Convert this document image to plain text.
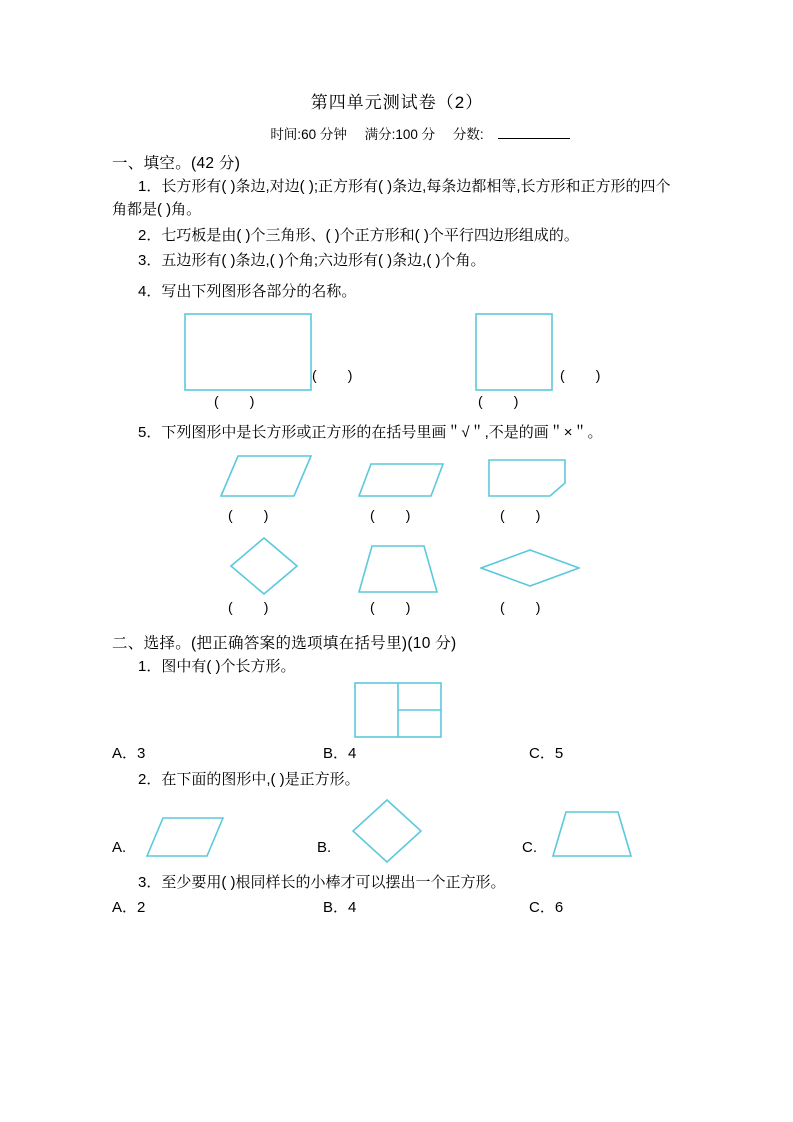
第四单元测试卷（2）
时间:60 分钟 满分:100 分 分数:
一、填空。(42 分)
1．长方形有( )条边,对边( );正方形有( )条边,每条边都相等,长方形和正方形的四个角都是( )角。
2．七巧板是由( )个三角形、( )个正方形和( )个平行四边形组成的。
3．五边形有( )条边,( )个角;六边形有( )条边,( )个角。
4．写出下列图形各部分的名称。
(        )
(        )
(        )
(        )
5．下列图形中是长方形或正方形的在括号里画＂√＂,不是的画＂×＂。
(        )	(        )	(        )
(        )	(        )	(        )
二、选择。(把正确答案的选项填在括号里)(10 分)
1．图中有( )个长方形。
A．3	B．4	C．5
2．在下面的图形中,( )是正方形。
A.	B.	C.
3．至少要用( )根同样长的小棒才可以摆出一个正方形。
A．2	B．4	C．6
